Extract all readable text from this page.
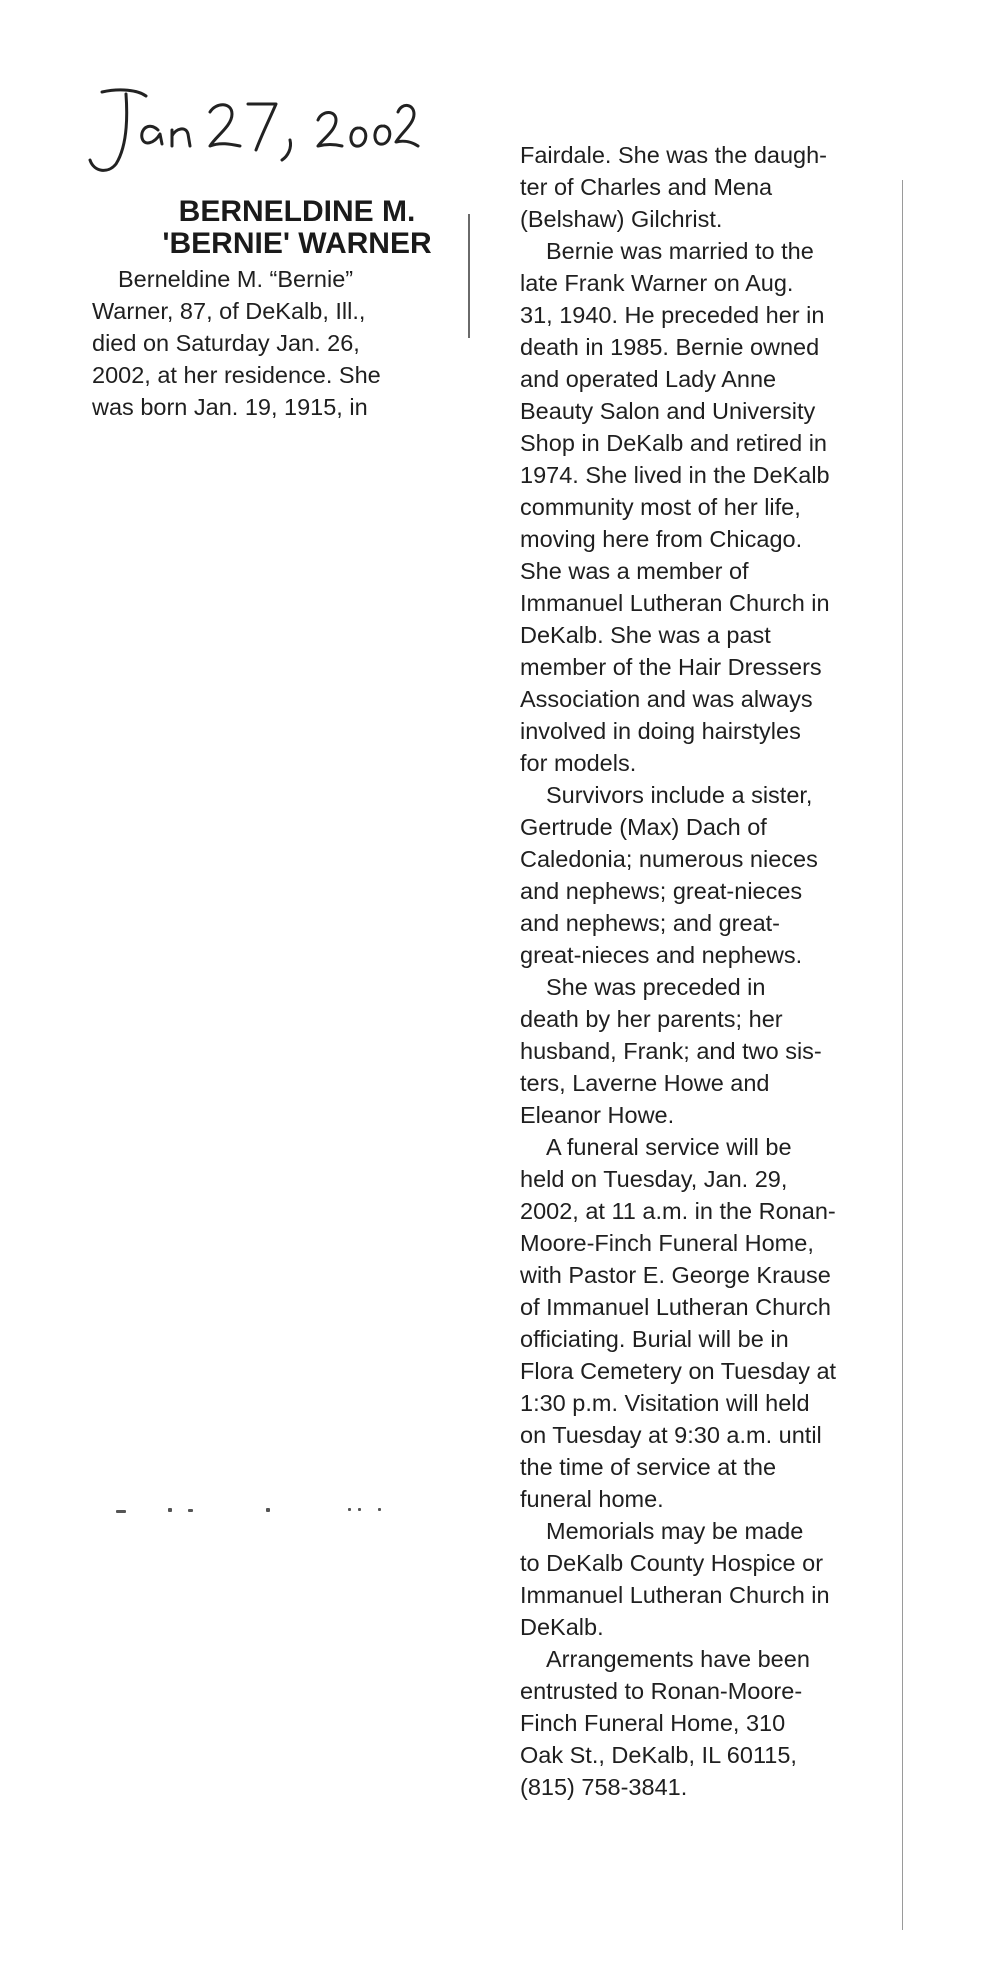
BERNELDINE M.
'BERNIE' WARNER
Berneldine M. “Bernie”
Warner, 87, of DeKalb, Ill.,
died on Saturday Jan. 26,
2002, at her residence. She
was born Jan. 19, 1915, in
Fairdale. She was the daugh-
ter of Charles and Mena
(Belshaw) Gilchrist.
Bernie was married to the
late Frank Warner on Aug.
31, 1940. He preceded her in
death in 1985. Bernie owned
and operated Lady Anne
Beauty Salon and University
Shop in DeKalb and retired in
1974. She lived in the DeKalb
community most of her life,
moving here from Chicago.
She was a member of
Immanuel Lutheran Church in
DeKalb. She was a past
member of the Hair Dressers
Association and was always
involved in doing hairstyles
for models.
Survivors include a sister,
Gertrude (Max) Dach of
Caledonia; numerous nieces
and nephews; great-nieces
and nephews; and great-
great-nieces and nephews.
She was preceded in
death by her parents; her
husband, Frank; and two sis-
ters, Laverne Howe and
Eleanor Howe.
A funeral service will be
held on Tuesday, Jan. 29,
2002, at 11 a.m. in the Ronan-
Moore-Finch Funeral Home,
with Pastor E. George Krause
of Immanuel Lutheran Church
officiating. Burial will be in
Flora Cemetery on Tuesday at
1:30 p.m. Visitation will held
on Tuesday at 9:30 a.m. until
the time of service at the
funeral home.
Memorials may be made
to DeKalb County Hospice or
Immanuel Lutheran Church in
DeKalb.
Arrangements have been
entrusted to Ronan-Moore-
Finch Funeral Home, 310
Oak St., DeKalb, IL 60115,
(815) 758-3841.
